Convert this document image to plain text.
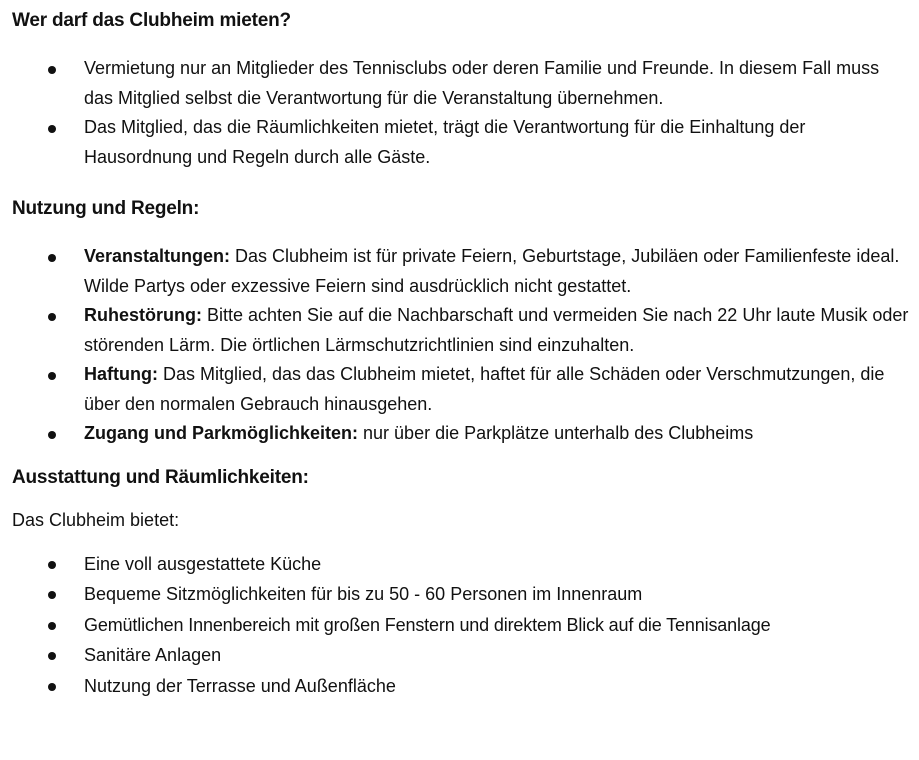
Wer darf das Clubheim mieten?
Vermietung nur an Mitglieder des Tennisclubs oder deren Familie und Freunde. In diesem Fall muss das Mitglied selbst die Verantwortung für die Veranstaltung übernehmen.
Das Mitglied, das die Räumlichkeiten mietet, trägt die Verantwortung für die Einhaltung der Hausordnung und Regeln durch alle Gäste.
Nutzung und Regeln:
Veranstaltungen: Das Clubheim ist für private Feiern, Geburtstage, Jubiläen oder Familienfeste ideal. Wilde Partys oder exzessive Feiern sind ausdrücklich nicht gestattet.
Ruhestörung: Bitte achten Sie auf die Nachbarschaft und vermeiden Sie nach 22 Uhr laute Musik oder störenden Lärm. Die örtlichen Lärmschutzrichtlinien sind einzuhalten.
Haftung: Das Mitglied, das das Clubheim mietet, haftet für alle Schäden oder Verschmutzungen, die über den normalen Gebrauch hinausgehen.
Zugang und Parkmöglichkeiten: nur über die Parkplätze unterhalb des Clubheims
Ausstattung und Räumlichkeiten:

Das Clubheim bietet:

Eine voll ausgestattete Küche
Bequeme Sitzmöglichkeiten für bis zu 50 - 60 Personen im Innenraum
Gemütlichen Innenbereich mit großen Fenstern und direktem Blick auf die Tennisanlage
Sanitäre Anlagen
Nutzung der Terrasse und Außenfläche
